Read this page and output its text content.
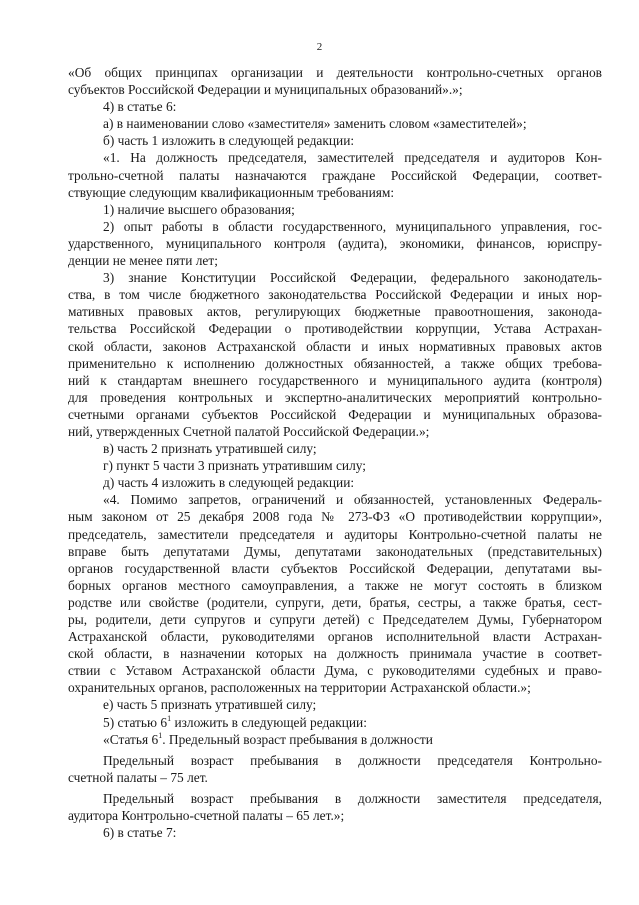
2
«Об общих принципах организации и деятельности контрольно-счетных органов
субъектов Российской Федерации и муниципальных образований».»;
4) в статье 6:
а) в наименовании слово «заместителя» заменить словом «заместителей»;
б) часть 1 изложить в следующей редакции:
«1. На должность председателя, заместителей председателя и аудиторов Кон-
трольно-счетной палаты назначаются граждане Российской Федерации, соответ-
ствующие следующим квалификационным требованиям:
1) наличие высшего образования;
2) опыт работы в области государственного, муниципального управления, гос-
ударственного, муниципального контроля (аудита), экономики, финансов, юриспру-
денции не менее пяти лет;
3) знание Конституции Российской Федерации, федерального законодатель-
ства, в том числе бюджетного законодательства Российской Федерации и иных нор-
мативных правовых актов, регулирующих бюджетные правоотношения, законода-
тельства Российской Федерации о противодействии коррупции, Устава Астрахан-
ской области, законов Астраханской области и иных нормативных правовых актов
применительно к исполнению должностных обязанностей, а также общих требова-
ний к стандартам внешнего государственного и муниципального аудита (контроля)
для проведения контрольных и экспертно-аналитических мероприятий контрольно-
счетными органами субъектов Российской Федерации и муниципальных образова-
ний, утвержденных Счетной палатой Российской Федерации.»;
в) часть 2 признать утратившей силу;
г) пункт 5 части 3 признать утратившим силу;
д) часть 4 изложить в следующей редакции:
«4. Помимо запретов, ограничений и обязанностей, установленных Федераль-
ным законом от 25 декабря 2008 года № 273-ФЗ «О противодействии коррупции»,
председатель, заместители председателя и аудиторы Контрольно-счетной палаты не
вправе быть депутатами Думы, депутатами законодательных (представительных)
органов государственной власти субъектов Российской Федерации, депутатами вы-
борных органов местного самоуправления, а также не могут состоять в близком
родстве или свойстве (родители, супруги, дети, братья, сестры, а также братья, сест-
ры, родители, дети супругов и супруги детей) с Председателем Думы, Губернатором
Астраханской области, руководителями органов исполнительной власти Астрахан-
ской области, в назначении которых на должность принимала участие в соответ-
ствии с Уставом Астраханской области Дума, с руководителями судебных и право-
охранительных органов, расположенных на территории Астраханской области.»;
е) часть 5 признать утратившей силу;
5) статью $6^1$ изложить в следующей редакции:
«Статья $6^1$. Предельный возраст пребывания в должности
Предельный возраст пребывания в должности председателя Контрольно-
счетной палаты – 75 лет.
Предельный возраст пребывания в должности заместителя председателя,
аудитора Контрольно-счетной палаты – 65 лет.»;
6) в статье 7:
